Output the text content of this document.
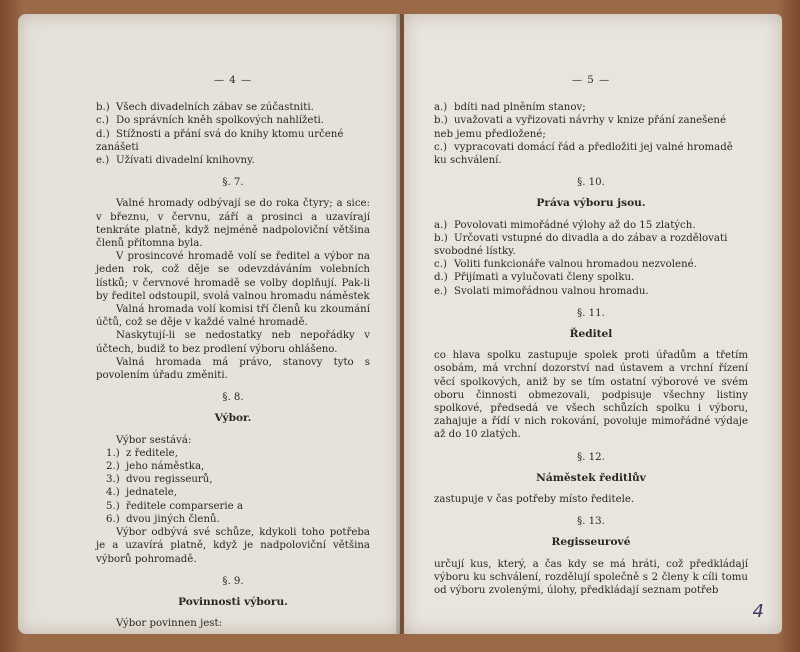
— 4 —
b.) Všech divadelních zábav se zúčastniti.
c.) Do správních kněh spolkových nahlížeti.
d.) Stížnosti a přání svá do knihy ktomu určené zanášeti
e.) Užívati divadelní knihovny.
§. 7.

Valné hromady odbývají se do roka čtyry; a sice: v březnu, v červnu, září a prosinci a uzavírají tenkráte platně, když nejméně nadpoloviční většina členů přítomna byla.

V prosincové hromadě volí se ředitel a výbor na jeden rok, což děje se odevzdáváním volebních lístků; v červnové hromadě se volby doplňují. Pak-li by ředitel odstoupil, svolá valnou hromadu náměstek

Valná hromada volí komisi tří členů ku zkoumání účtů, což se děje v každé valné hromadě.

Naskytují-li se nedostatky neb nepořádky v účtech, budiž to bez prodlení výboru ohlášeno.

Valná hromada má právo, stanovy tyto s povolením úřadu změniti.

§. 8.
Výbor.

Výbor sestává:

1.) z ředitele,
2.) jeho náměstka,
3.) dvou regisseurů,
4.) jednatele,
5.) ředitele comparserie a
6.) dvou jiných členů.

Výbor odbývá své schůze, kdykoli toho potřeba je a uzavírá platně, když je nadpoloviční většina výborů pohromadě.

§. 9.
Povinnosti výboru.

Výbor povinnen jest:

— 5 —
a.) bdíti nad plněním stanov;
b.) uvažovati a vyřizovati návrhy v knize přání zanešené neb jemu předložené;
c.) vypracovati domácí řád a předložiti jej valné hromadě ku schválení.
§. 10.
Práva výboru jsou.
a.) Povolovati mimořádné výlohy až do 15 zlatých.
b.) Určovati vstupné do divadla a do zábav a rozdělovati svobodné lístky.
c.) Voliti funkcionáře valnou hromadou nezvolené.
d.) Přijímati a vylučovati členy spolku.
e.) Svolati mimořádnou valnou hromadu.
§. 11.
Ředitel

co hlava spolku zastupuje spolek proti úřadům a třetím osobám, má vrchní dozorství nad ústavem a vrchní řízení věcí spolkových, aniž by se tím ostatní výborové ve svém oboru činnosti obmezovali, podpisuje všechny listiny spolkové, předsedá ve všech schůzích spolku i výboru, zahajuje a řídí v nich rokování, povoluje mimořádné výdaje až do 10 zlatých.

§. 12.
Náměstek ředitlův

zastupuje v čas potřeby místo ředitele.

§. 13.
Regisseurové

určují kus, který, a čas kdy se má hráti, což předkládají výboru ku schválení, rozdělují společně s 2 členy k cíli tomu od výboru zvolenými, úlohy, předkládají seznam potřeb

4
